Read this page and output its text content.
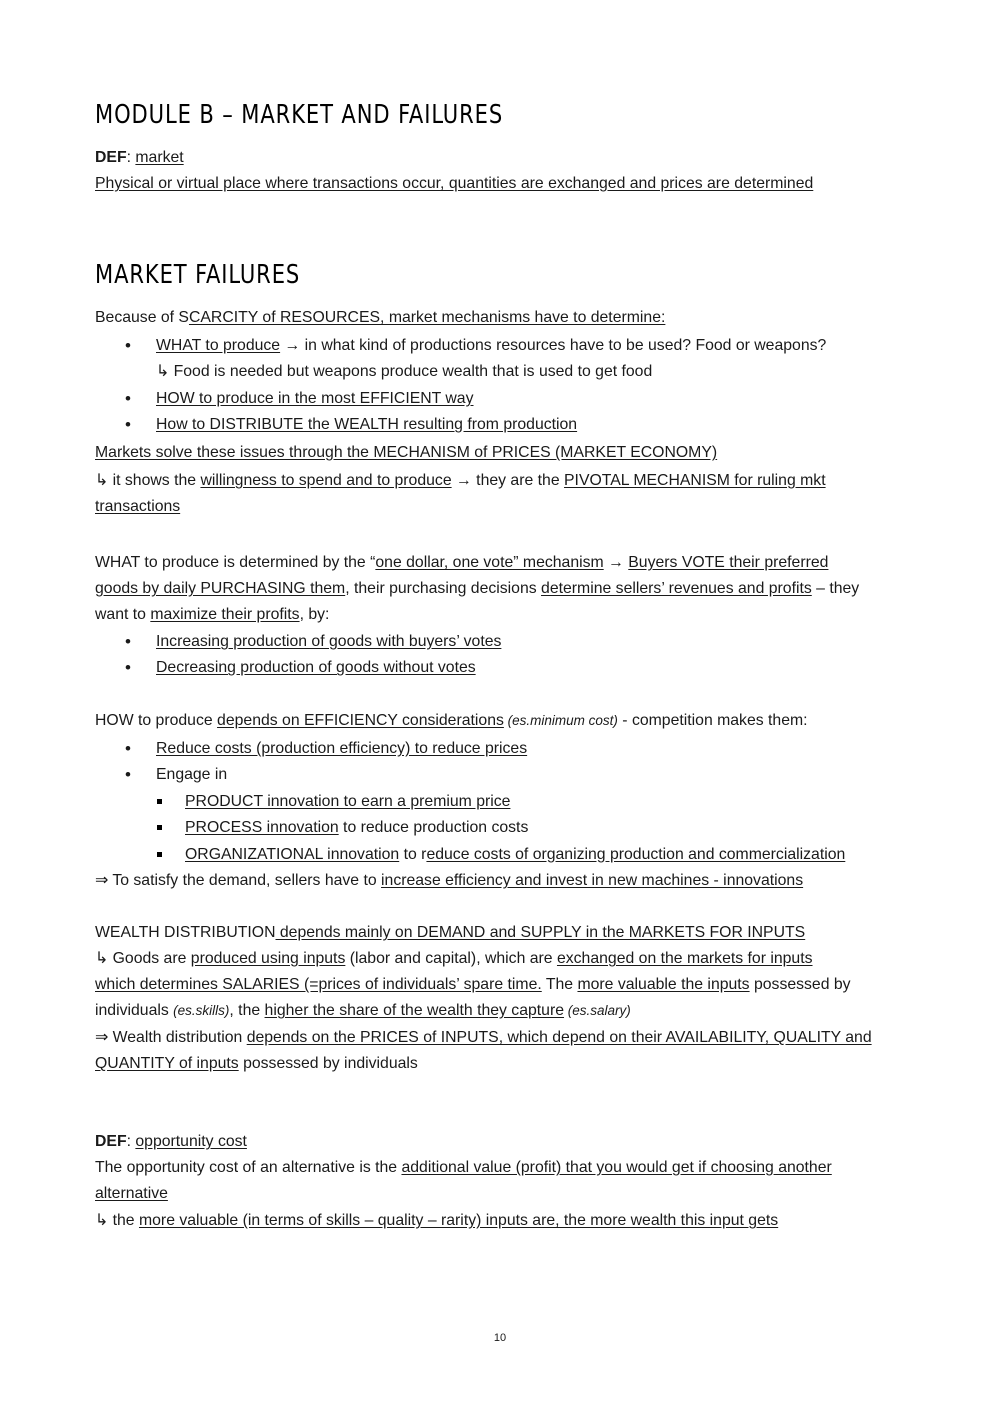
MODULE B – MARKET AND FAILURES
DEF: market
Physical or virtual place where transactions occur, quantities are exchanged and prices are determined
MARKET FAILURES
Because of SCARCITY of RESOURCES, market mechanisms have to determine:
• WHAT to produce → in what kind of productions resources have to be used? Food or weapons?
↳ Food is needed but weapons produce wealth that is used to get food
• HOW to produce in the most EFFICIENT way
• How to DISTRIBUTE the WEALTH resulting from production
Markets solve these issues through the MECHANISM of PRICES (MARKET ECONOMY)
↳ it shows the willingness to spend and to produce → they are the PIVOTAL MECHANISM for ruling mkt
transactions
WHAT to produce is determined by the “one dollar, one vote” mechanism → Buyers VOTE their preferred
goods by daily PURCHASING them, their purchasing decisions determine sellers’ revenues and profits – they
want to maximize their profits, by:
• Increasing production of goods with buyers’ votes
• Decreasing production of goods without votes
HOW to produce depends on EFFICIENCY considerations (es.minimum cost) - competition makes them:
• Reduce costs (production efficiency) to reduce prices
• Engage in
PRODUCT innovation to earn a premium price
PROCESS innovation to reduce production costs
ORGANIZATIONAL innovation to reduce costs of organizing production and commercialization
⇒ To satisfy the demand, sellers have to increase efficiency and invest in new machines - innovations
WEALTH DISTRIBUTION depends mainly on DEMAND and SUPPLY in the MARKETS FOR INPUTS
↳ Goods are produced using inputs (labor and capital), which are exchanged on the markets for inputs
which determines SALARIES (=prices of individuals’ spare time. The more valuable the inputs possessed by
individuals (es.skills), the higher the share of the wealth they capture (es.salary)
⇒ Wealth distribution depends on the PRICES of INPUTS, which depend on their AVAILABILITY, QUALITY and
QUANTITY of inputs possessed by individuals
DEF: opportunity cost
The opportunity cost of an alternative is the additional value (profit) that you would get if choosing another
alternative
↳ the more valuable (in terms of skills – quality – rarity) inputs are, the more wealth this input gets
10
